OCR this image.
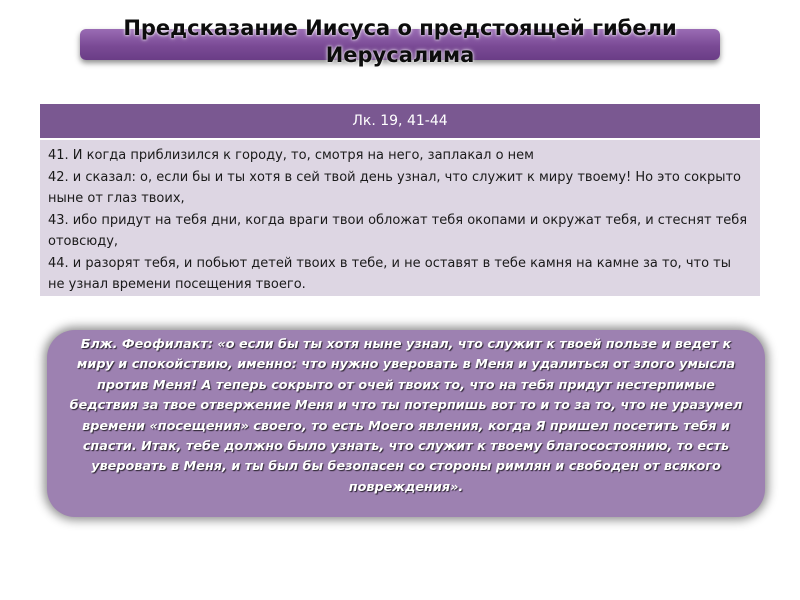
Предсказание Иисуса о предстоящей гибели Иерусалима
Лк. 19, 41-44

41. И когда приблизился к городу, то, смотря на него, заплакал о нем

42. и сказал: о, если бы и ты хотя в сей твой день узнал, что служит к миру твоему! Но это сокрыто ныне от глаз твоих,

43. ибо придут на тебя дни, когда враги твои обложат тебя окопами и окружат тебя, и стеснят тебя отовсюду,

44. и разорят тебя, и побьют детей твоих в тебе, и не оставят в тебе камня на камне за то, что ты не узнал времени посещения твоего.

Блж. Феофилакт: «о если бы ты хотя ныне узнал, что служит к твоей пользе и ведет к миру и спокойствию, именно: что нужно уверовать в Меня и удалиться от злого умысла против Меня! А теперь сокрыто от очей твоих то, что на тебя придут нестерпимые бедствия за твое отвержение Меня и что ты потерпишь вот то и то за то, что не уразумел времени «посещения» своего, то есть Моего явления, когда Я пришел посетить тебя и спасти. Итак, тебе должно было узнать, что служит к твоему благосостоянию, то есть уверовать в Меня, и ты был бы безопасен со стороны римлян и свободен от всякого повреждения».
